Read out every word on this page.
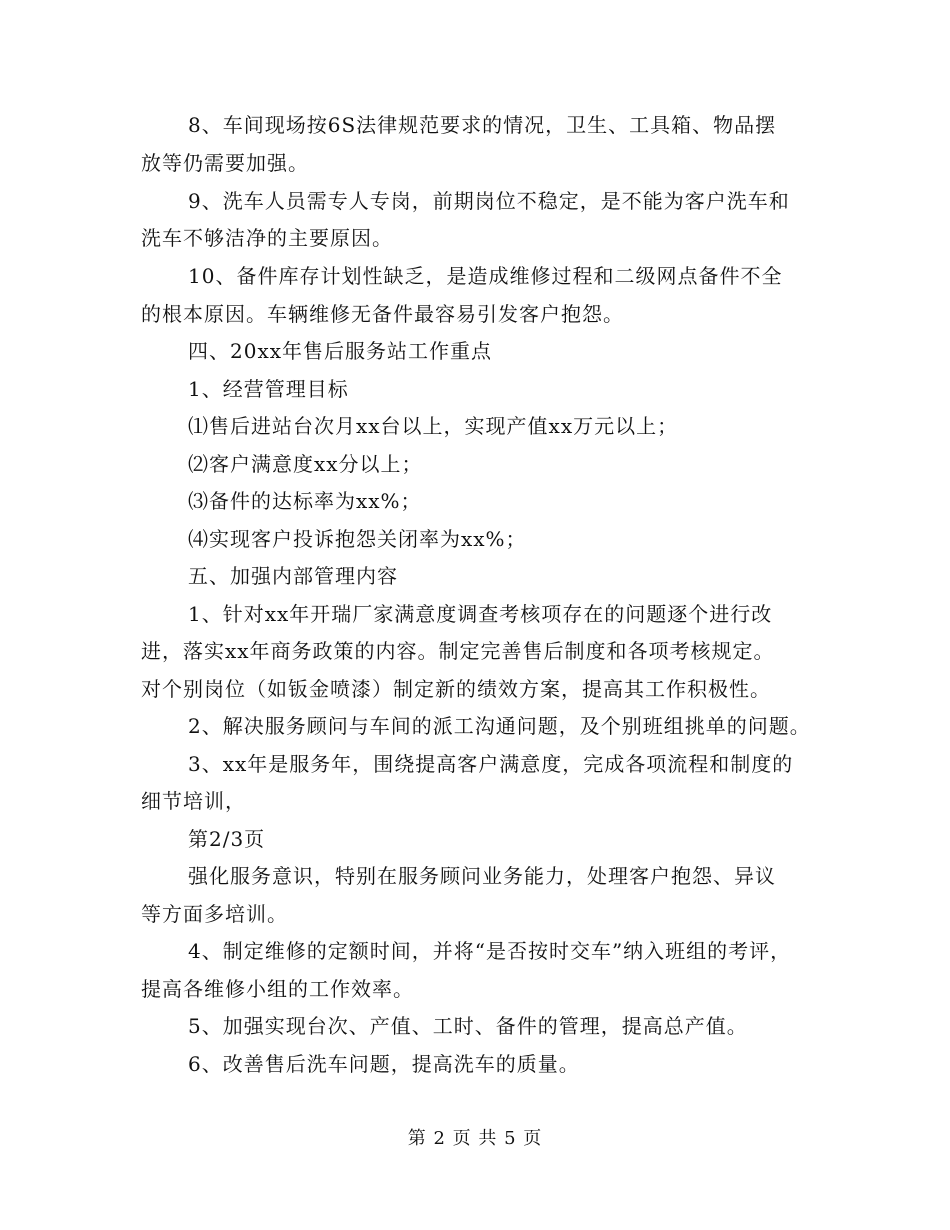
8、车间现场按6S法律规范要求的情况，卫生、工具箱、物品摆
放等仍需要加强。
9、洗车人员需专人专岗，前期岗位不稳定，是不能为客户洗车和
洗车不够洁净的主要原因。
10、备件库存计划性缺乏，是造成维修过程和二级网点备件不全
的根本原因。车辆维修无备件最容易引发客户抱怨。
四、20xx年售后服务站工作重点
1、经营管理目标
⑴售后进站台次月xx台以上，实现产值xx万元以上；
⑵客户满意度xx分以上；
⑶备件的达标率为xx%；
⑷实现客户投诉抱怨关闭率为xx%；
五、加强内部管理内容
1、针对xx年开瑞厂家满意度调查考核项存在的问题逐个进行改
进，落实xx年商务政策的内容。制定完善售后制度和各项考核规定。
对个别岗位（如钣金喷漆）制定新的绩效方案，提高其工作积极性。
2、解决服务顾问与车间的派工沟通问题，及个别班组挑单的问题。
3、xx年是服务年，围绕提高客户满意度，完成各项流程和制度的
细节培训，
第2/3页
强化服务意识，特别在服务顾问业务能力，处理客户抱怨、异议
等方面多培训。
4、制定维修的定额时间，并将“是否按时交车”纳入班组的考评，
提高各维修小组的工作效率。
5、加强实现台次、产值、工时、备件的管理，提高总产值。
6、改善售后洗车问题，提高洗车的质量。
第 2 页 共 5 页
